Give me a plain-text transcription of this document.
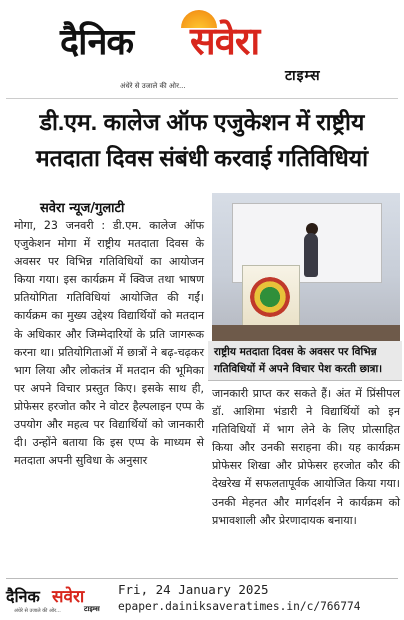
दैनिक सवेरा
टाइम्स
अंधेरे से उजाले की ओर...
डी.एम. कालेज ऑफ एजुकेशन में राष्ट्रीय मतदाता दिवस संबंधी करवाई गतिविधियां
सवेरा न्यूज/गुलाटी

मोगा, 23 जनवरी : डी.एम. कालेज ऑफ एजुकेशन मोगा में राष्ट्रीय मतदाता दिवस के अवसर पर विभिन्न गतिविधियों का आयोजन किया गया। इस कार्यक्रम में क्विज तथा भाषण प्रतियोगिता गतिविधियां आयोजित की गईं। कार्यक्रम का मुख्य उद्देश्य विद्यार्थियों को मतदान के अधिकार और जिम्मेदारियों के प्रति जागरूक करना था। प्रतियोगिताओं में छात्रों ने बढ़-चढ़कर भाग लिया और लोकतंत्र में मतदान की भूमिका पर अपने विचार प्रस्तुत किए। इसके साथ ही, प्रोफेसर हरजोत कौर ने वोटर हैल्पलाइन एप्प के उपयोग और महत्व पर विद्यार्थियों को जानकारी दी। उन्होंने बताया कि इस एप्प के माध्यम से मतदाता अपनी सुविधा के अनुसार

राष्ट्रीय मतदाता दिवस के अवसर पर विभिन्न गतिविधियों में अपने विचार पेश करती छात्रा।

जानकारी प्राप्त कर सकते हैं। अंत में प्रिंसीपल डॉ. आशिमा भंडारी ने विद्यार्थियों को इन गतिविधियों में भाग लेने के लिए प्रोत्साहित किया और उनकी सराहना की। यह कार्यक्रम प्रोफेसर शिखा और प्रोफेसर हरजोत कौर की देखरेख में सफलतापूर्वक आयोजित किया गया। उनकी मेहनत और मार्गदर्शन ने कार्यक्रम को प्रभावशाली और प्रेरणादायक बनाया।

दैनिक सवेरा
टाइम्स
अंधेरे से उजाले की ओर...
Fri, 24 January 2025
epaper.dainiksaveratimes.in/c/766774
